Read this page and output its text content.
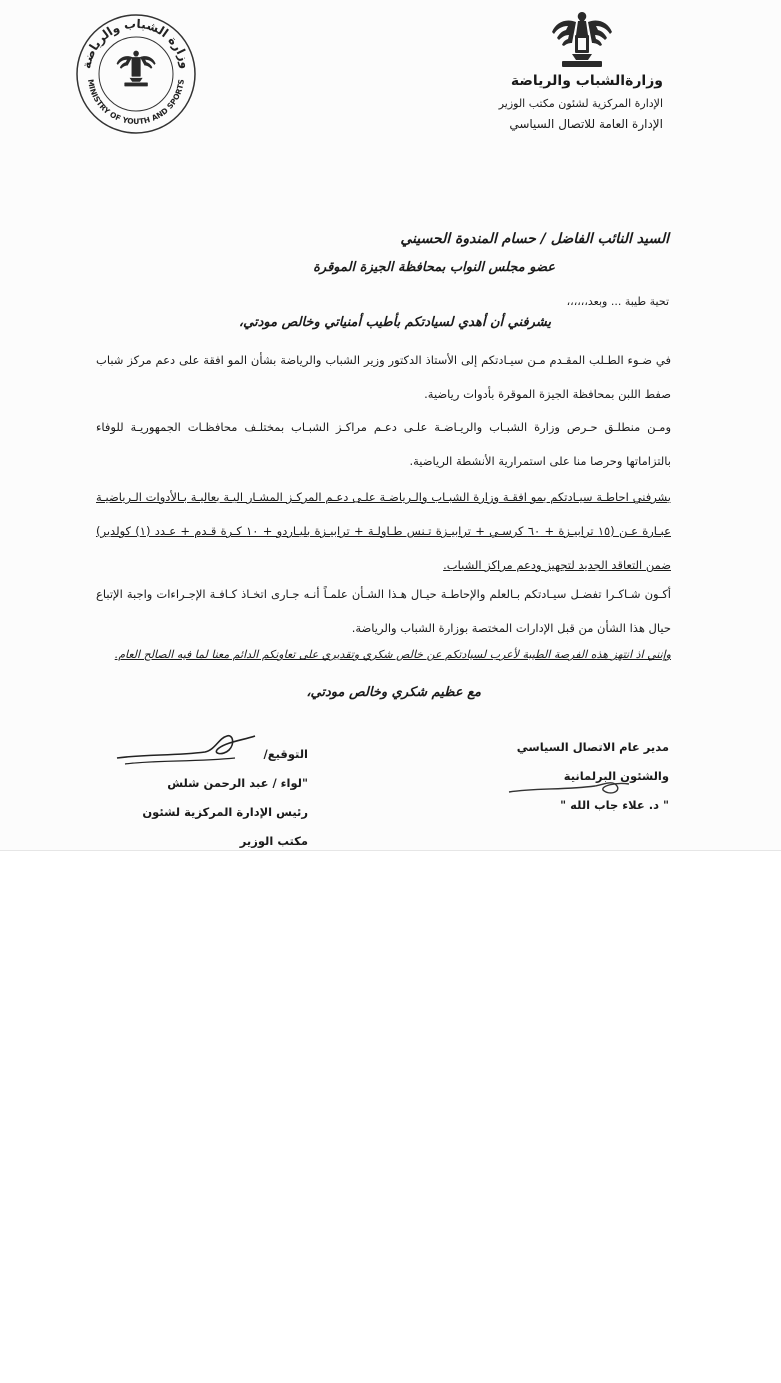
وزارةالشباب والرياضة
الإدارة المركزية لشئون مكتب الوزير
الإدارة العامة للاتصال السياسي
وزارة الشباب والرياضة
MINISTRY OF YOUTH AND SPORTS
السيد النائب الفاضل / حسام المندوة الحسيني
عضو مجلس النواب بمحافظة الجيزة الموقرة
تحية طيبة ... وبعد،،،،،،
يشرفني أن أهدي لسيادتكم بأطيب أمنياتي وخالص مودتي،
في ضـوء الطـلب المقـدم مـن سيـادتكم إلى الأستاذ الدكتور وزير الشباب والرياضة بشأن المو افقة على دعم مركز شباب صفط اللبن بمحافظة الجيزة الموقرة بأدوات رياضية.
ومـن منطلـق حـرص وزارة الشبـاب والريـاضـة علـى دعـم مراكـز الشبـاب بمختلـف محافظـات الجمهوريـة للوفاء بالتزاماتها وحرصا منا على استمرارية الأنشطة الرياضية.
يشرفني احاطـة سيـادتكم بمو افقـة وزارة الشبـاب والـرياضـة علـى دعـم المركـز المشـار اليـة بعاليـة بـالأدوات الـرياضيـة عبـارة عـن (١٥ ترابيـزة + ٦٠ كرسـي + ترابيـزة تـنس طـاولـة + ترابيـزة بليـاردو + ١٠ كـرة قـدم + عـدد (١) كولدير) ضمن التعاقد الجديد لتجهيز ودعم مراكز الشباب.
أكـون شـاكـرا تفضـل سيـادتكم بـالعلم والإحاطـة حيـال هـذا الشـأن علمـاً أنـه جـارى اتخـاذ كـافـة الإجـراءات واجبة الإتباع حيال هذا الشأن من قبل الإدارات المختصة بوزارة الشباب والرياضة.
وإنني اذ انتهز هذه الفرصة الطيبة لأعرب لسيادتكم عن خالص شكري وتقديري على تعاونكم الدائم معنا لما فيه الصالح العام.
مع عظيم شكري وخالص مودتي،
مدير عام الاتصال السياسي
والشئون البرلمانية
" د. علاء جاب الله "
التوقيع/
"لواء / عبد الرحمن شلش
رئيس الإدارة المركزية لشئون مكتب الوزير
